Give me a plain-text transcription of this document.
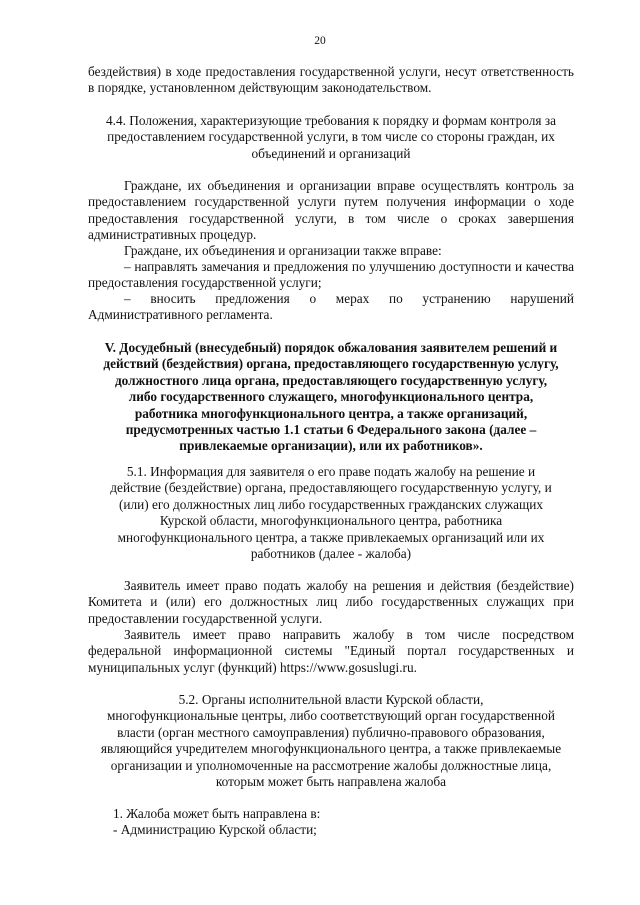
20

бездействия) в ходе предоставления государственной услуги, несут ответственность в порядке, установленном действующим законодательством.

4.4. Положения, характеризующие требования к порядку и формам контроля за
предоставлением государственной услуги, в том числе со стороны граждан, их
объединений и организаций

Граждане, их объединения и организации вправе осуществлять контроль за предоставлением государственной услуги путем получения информации о ходе предоставления государственной услуги, в том числе о сроках завершения административных процедур.

Граждане, их объединения и организации также вправе:

– направлять замечания и предложения по улучшению доступности и качества предоставления государственной услуги;

– вносить предложения о мерах по устранению нарушений Административного регламента.

V. Досудебный (внесудебный) порядок обжалования заявителем решений и
действий (бездействия) органа, предоставляющего государственную услугу,
должностного лица органа, предоставляющего государственную услугу,
либо государственного служащего, многофункционального центра,
работника многофункционального центра, а также организаций,
предусмотренных частью 1.1 статьи 6 Федерального закона (далее –
привлекаемые организации), или их работников».
5.1. Информация для заявителя о его праве подать жалобу на решение и
действие (бездействие) органа, предоставляющего государственную услугу, и
(или) его должностных лиц либо государственных гражданских служащих
Курской области, многофункционального центра, работника
многофункционального центра, а также привлекаемых организаций или их
работников (далее - жалоба)

Заявитель имеет право подать жалобу на решения и действия (бездействие) Комитета и (или) его должностных лиц либо государственных служащих при предоставлении государственной услуги.

Заявитель имеет право направить жалобу в том числе посредством федеральной информационной системы "Единый портал государственных и муниципальных услуг (функций) https://www.gosuslugi.ru.

5.2. Органы исполнительной власти Курской области,
многофункциональные центры, либо соответствующий орган государственной
власти (орган местного самоуправления) публично-правового образования,
являющийся учредителем многофункционального центра, а также привлекаемые
организации и уполномоченные на рассмотрение жалобы должностные лица,
которым может быть направлена жалоба

1. Жалоба может быть направлена в:

- Администрацию Курской области;
